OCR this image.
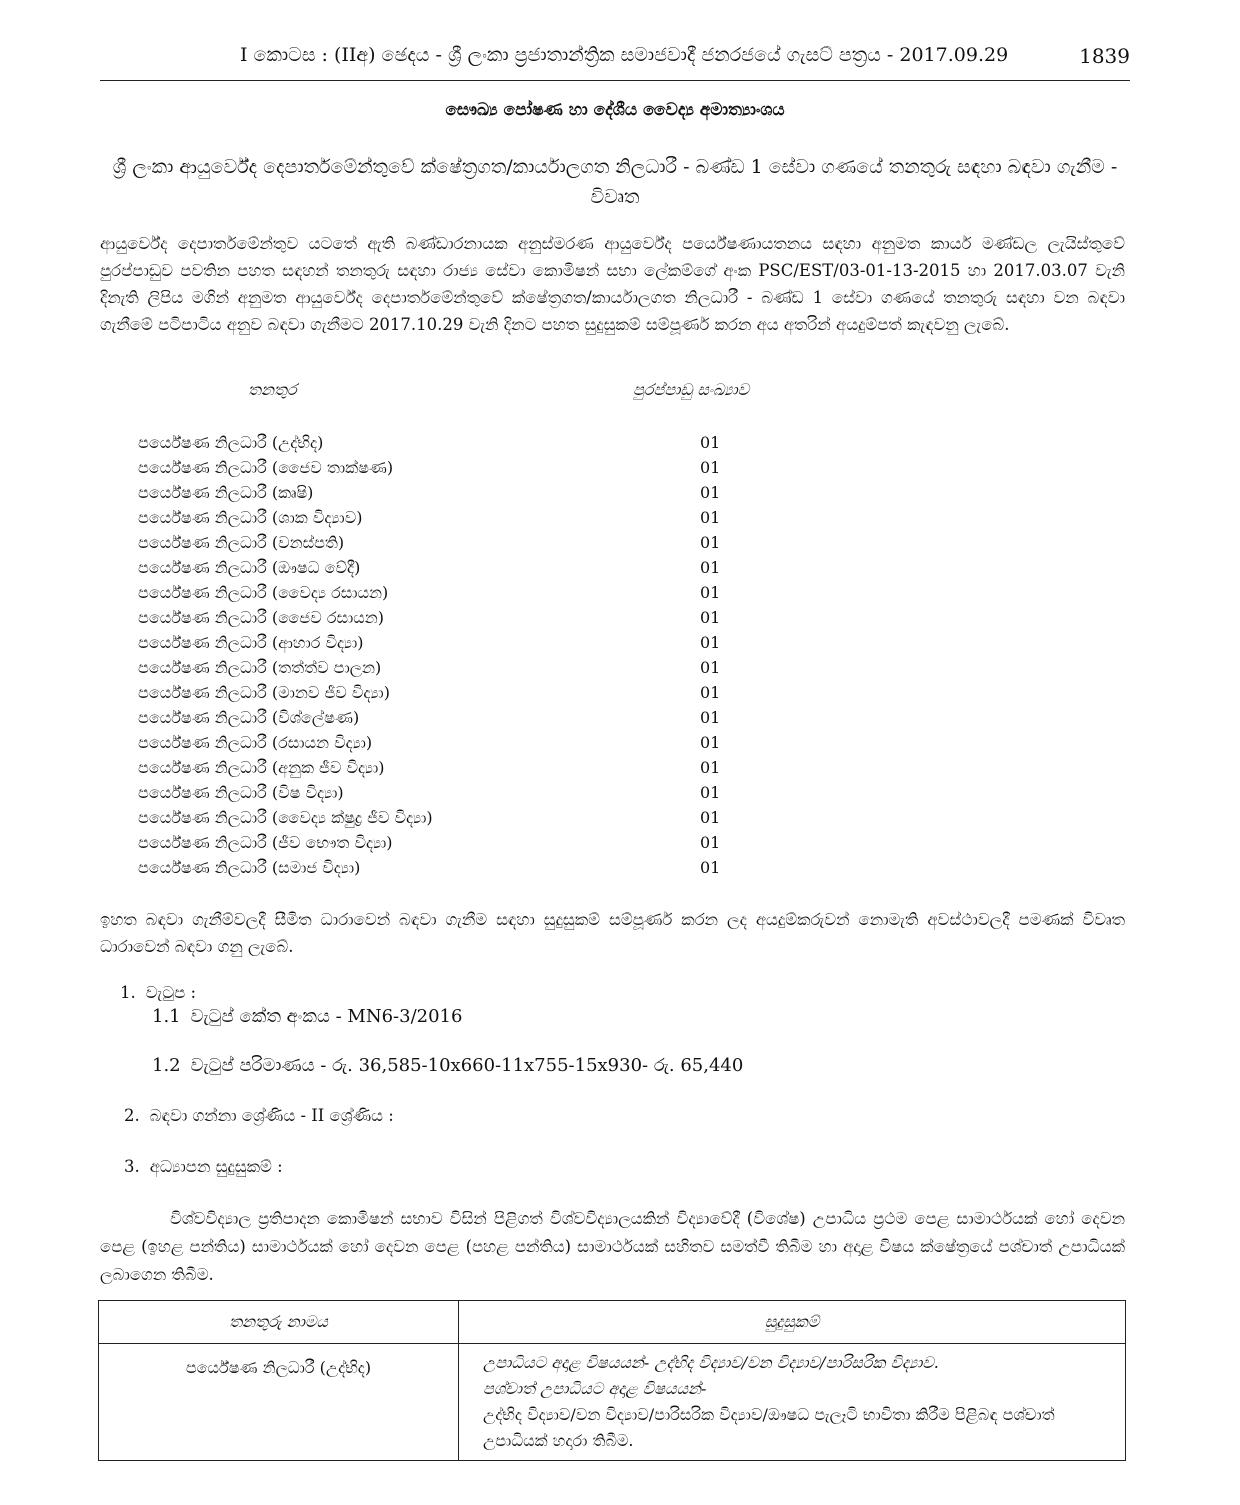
I කොටස : (IIඅ) ඡෙදය - ශ්‍රී ලංකා ප්‍රජාතාන්ත්‍රික සමාජවාදී ජනරජයේ ගැසට් පත්‍රය - 2017.09.29	1839
සෞඛ්‍ය පෝෂණ හා දේශීය වෛද්‍ය අමාත්‍යාංශය
ශ්‍රී ලංකා ආයුර්වේද දෙපාර්තමේන්තුවේ ක්ෂේත්‍රගත/කාර්යාලගත නිලධාරී - බණ්ඩ 1 සේවා ගණයේ තනතුරු සඳහා බඳවා ගැනීම - විවෘත
ආයුර්වේද දෙපාර්තමේන්තුව යටතේ ඇති බණ්ඩාරනායක අනුස්මරණ ආයුර්වේද පර්යේෂණායතනය සඳහා අනුමත කාර්ය මණ්ඩල ලැයිස්තුවේ පුරප්පාඩුව පවතින පහත සඳහන් තනතුරු සඳහා රාජ්‍ය සේවා කොමිෂන් සභා ලේකම්ගේ අංක PSC/EST/03-01-13-2015 හා 2017.03.07 වැනි දිනැති ලිපිය මගින් අනුමත ආයුර්වේද දෙපාර්තමේන්තුවේ ක්ෂේත්‍රගත/කාර්යාලගත නිලධාරී - බණ්ඩ 1 සේවා ගණයේ තනතුරු සඳහා වන බඳවා ගැනීමේ පටිපාටිය අනුව බඳවා ගැනීමට 2017.10.29 වැනි දිනට පහත සුදුසුකම් සම්පූර්ණ කරන අය අතරින් අයදුම්පත් කැඳවනු ලැබේ.
තනතුර	පුරප්පාඩු සංඛ්‍යාව
පර්යේෂණ නිලධාරී (උද්භිද)	01
පර්යේෂණ නිලධාරී (ජෛව තාක්ෂණ)	01
පර්යේෂණ නිලධාරී (කෘෂි)	01
පර්යේෂණ නිලධාරී (ශාක විද්‍යාව)	01
පර්යේෂණ නිලධාරී (වනස්පති)	01
පර්යේෂණ නිලධාරී (ඖෂධ වේදී)	01
පර්යේෂණ නිලධාරී (වෛද්‍ය රසායන)	01
පර්යේෂණ නිලධාරී (ජෛව රසායන)	01
පර්යේෂණ නිලධාරී (ආහාර විද්‍යා)	01
පර්යේෂණ නිලධාරී (තත්ත්ව පාලන)	01
පර්යේෂණ නිලධාරී (මානව ජීව විද්‍යා)	01
පර්යේෂණ නිලධාරී (විශ්ලේෂණ)	01
පර්යේෂණ නිලධාරී (රසායන විද්‍යා)	01
පර්යේෂණ නිලධාරී (අනුක ජීව විද්‍යා)	01
පර්යේෂණ නිලධාරී (විෂ විද්‍යා)	01
පර්යේෂණ නිලධාරී (වෛද්‍ය ක්ෂුද්‍ර ජීව විද්‍යා)	01
පර්යේෂණ නිලධාරී (ජීව භෞත විද්‍යා)	01
පර්යේෂණ නිලධාරී (සමාජ විද්‍යා)	01
ඉහත බඳවා ගැනීම්වලදී සීමිත ධාරාවෙන් බඳවා ගැනීම සඳහා සුදුසුකම් සම්පූර්ණ කරන ලද අයදුම්කරුවන් නොමැති අවස්ථාවලදී පමණක් විවෘත ධාරාවෙන් බඳවා ගනු ලැබේ.
1. වැටුප :
1.1 වැටුප් කේත අංකය - MN6-3/2016
1.2 වැටුප් පරිමාණය - රු. 36,585-10x660-11x755-15x930- රු. 65,440
2. බඳවා ගන්නා ශ්‍රේණිය - II ශ්‍රේණිය :
3. අධ්‍යාපන සුදුසුකම් :
විශ්වවිද්‍යාල ප්‍රතිපාදන කොමිෂන් සභාව විසින් පිළිගත් විශ්වවිද්‍යාලයකින් විද්‍යාවේදී (විශේෂ) උපාධිය ප්‍රථම පෙළ සාමාර්ථයක් හෝ දෙවන පෙළ (ඉහළ පන්තිය) සාමාර්ථයක් හෝ දෙවන පෙළ (පහළ පන්තිය) සාමාර්ථයක් සහිතව සමත්වී තිබීම හා අදාළ විෂය ක්ෂේත්‍රයේ පශ්චාත් උපාධියක් ලබාගෙන තිබීම.
තනතුරු නාමය	සුදුසුකම්
පර්යේෂණ නිලධාරී (උද්භිද)	උපාධියට අදාළ විෂයයන්- උද්භිද විද්‍යාව/වන විද්‍යාව/පාරිසරික විද්‍යාව.
පශ්චාත් උපාධියට අදාළ විෂයයන්-
උද්භිද විද්‍යාව/වන විද්‍යාව/පාරිසරික විද්‍යාව/ඖෂධ පැලෑටි භාවිතා කිරීම පිළිබඳ පශ්චාත් උපාධියක් හදාරා තිබීම.
